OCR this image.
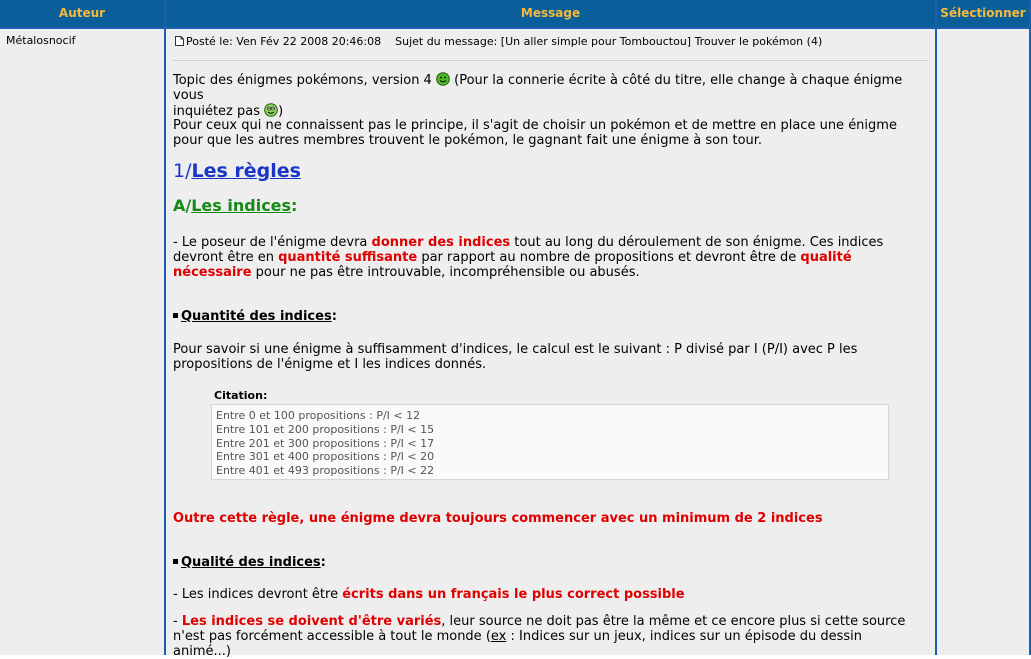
Auteur	Message	Sélectionner
Métalosnocif	Posté le: Ven Fév 22 2008 20:46:08 Sujet du message: [Un aller simple pour Tombouctou] Trouver le pokémon (4)
Topic des énigmes pokémons, version 4 (Pour la connerie écrite à côté du titre, elle change à chaque énigme vous
inquiétez pas )
Pour ceux qui ne connaissent pas le principe, il s'agit de choisir un pokémon et de mettre en place une énigme pour que les autres membres trouvent le pokémon, le gagnant fait une énigme à son tour.
1/Les règles
A/Les indices:
- Le poseur de l'énigme devra donner des indices tout au long du déroulement de son énigme. Ces indices devront être en quantité suffisante par rapport au nombre de propositions et devront être de qualité nécessaire pour ne pas être introuvable, incompréhensible ou abusés.
Quantité des indices:
Pour savoir si une énigme à suffisamment d'indices, le calcul est le suivant : P divisé par I (P/I) avec P les propositions de l'énigme et I les indices donnés.
Citation:
Entre 0 et 100 propositions : P/I < 12
Entre 101 et 200 propositions : P/I < 15
Entre 201 et 300 propositions : P/I < 17
Entre 301 et 400 propositions : P/I < 20
Entre 401 et 493 propositions : P/I < 22
Outre cette règle, une énigme devra toujours commencer avec un minimum de 2 indices
Qualité des indices:
- Les indices devront être écrits dans un français le plus correct possible
- Les indices se doivent d'être variés, leur source ne doit pas être la même et ce encore plus si cette source n'est pas forcément accessible à tout le monde (ex : Indices sur un jeux, indices sur un épisode du dessin animé...)
